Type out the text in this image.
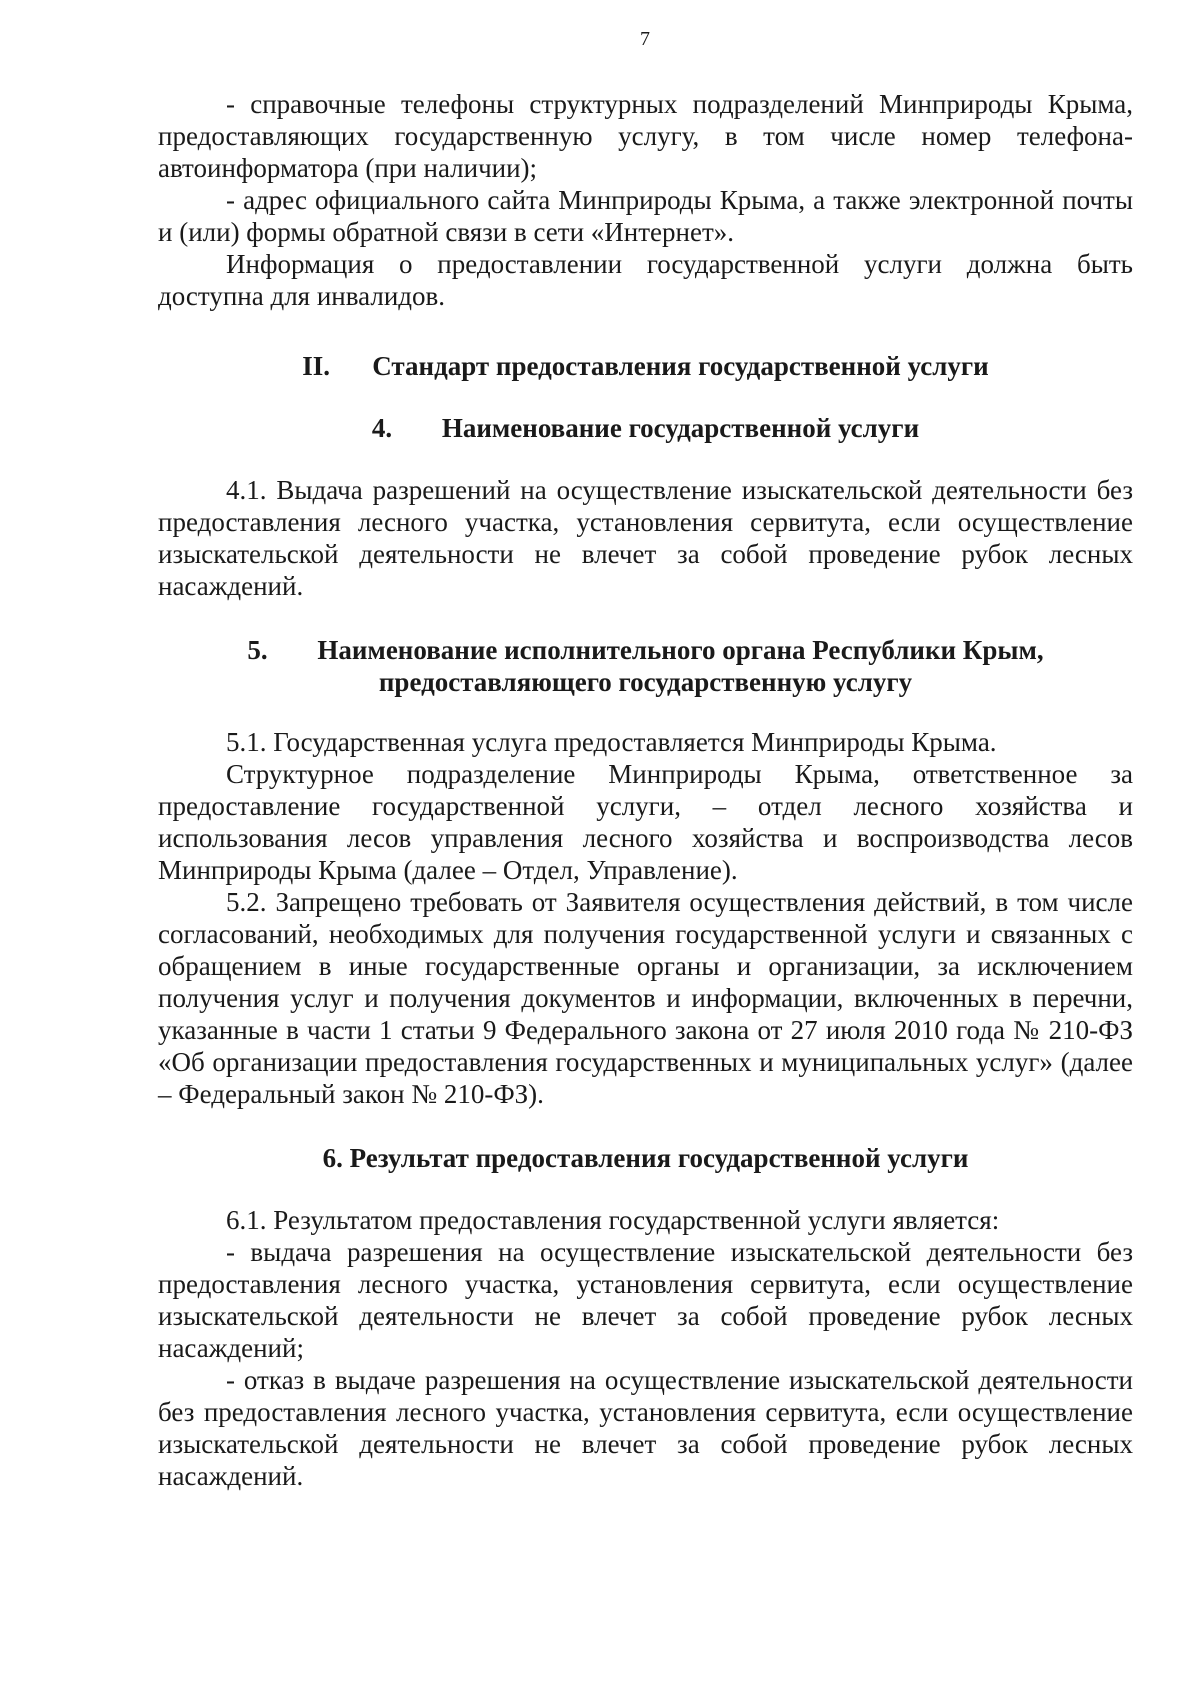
7

- справочные телефоны структурных подразделений Минприроды Крыма, предоставляющих государственную услугу, в том числе номер телефона-автоинформатора (при наличии);

- адрес официального сайта Минприроды Крыма, а также электронной почты и (или) формы обратной связи в сети «Интернет».

Информация о предоставлении государственной услуги должна быть доступна для инвалидов.

II. Стандарт предоставления государственной услуги

4. Наименование государственной услуги

4.1. Выдача разрешений на осуществление изыскательской деятельности без предоставления лесного участка, установления сервитута, если осуществление изыскательской деятельности не влечет за собой проведение рубок лесных насаждений.

5. Наименование исполнительного органа Республики Крым,
предоставляющего государственную услугу

5.1. Государственная услуга предоставляется Минприроды Крыма.

Структурное подразделение Минприроды Крыма, ответственное за предоставление государственной услуги, – отдел лесного хозяйства и использования лесов управления лесного хозяйства и воспроизводства лесов Минприроды Крыма (далее – Отдел, Управление).

5.2. Запрещено требовать от Заявителя осуществления действий, в том числе согласований, необходимых для получения государственной услуги и связанных с обращением в иные государственные органы и организации, за исключением получения услуг и получения документов и информации, включенных в перечни, указанные в части 1 статьи 9 Федерального закона от 27 июля 2010 года № 210-ФЗ «Об организации предоставления государственных и муниципальных услуг» (далее – Федеральный закон № 210-ФЗ).

6. Результат предоставления государственной услуги

6.1. Результатом предоставления государственной услуги является:

- выдача разрешения на осуществление изыскательской деятельности без предоставления лесного участка, установления сервитута, если осуществление изыскательской деятельности не влечет за собой проведение рубок лесных насаждений;

- отказ в выдаче разрешения на осуществление изыскательской деятельности без предоставления лесного участка, установления сервитута, если осуществление изыскательской деятельности не влечет за собой проведение рубок лесных насаждений.
